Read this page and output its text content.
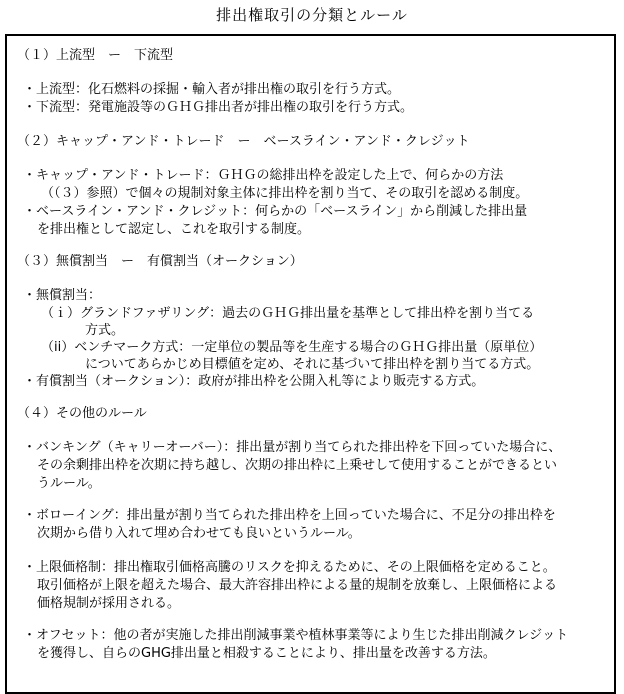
排出権取引の分類とルール
（１）上流型　ー　下流型
・上流型：化石燃料の採掘・輸入者が排出権の取引を行う方式。
・下流型：発電施設等のＧＨＧ排出者が排出権の取引を行う方式。
（２）キャップ・アンド・トレード　ー　ベースライン・アンド・クレジット
・キャップ・アンド・トレード：ＧＨＧの総排出枠を設定した上で、何らかの方法
（（３）参照）で個々の規制対象主体に排出枠を割り当て、その取引を認める制度。
・ベースライン・アンド・クレジット：何らかの「ベースライン」から削減した排出量
を排出権として認定し、これを取引する制度。
（３）無償割当　ー　有償割当（オークション）
・無償割当：
（ｉ）グランドファザリング：過去のＧＨＧ排出量を基準として排出枠を割り当てる
方式。
（ii）ベンチマーク方式：一定単位の製品等を生産する場合のＧＨＧ排出量（原単位）
についてあらかじめ目標値を定め、それに基づいて排出枠を割り当てる方式。
・有償割当（オークション）：政府が排出枠を公開入札等により販売する方式。
（４）その他のルール
・バンキング（キャリーオーバー）：排出量が割り当てられた排出枠を下回っていた場合に、
その余剰排出枠を次期に持ち越し、次期の排出枠に上乗せして使用することができるとい
うルール。
・ボローイング：排出量が割り当てられた排出枠を上回っていた場合に、不足分の排出枠を
次期から借り入れて埋め合わせても良いというルール。
・上限価格制：排出権取引価格高騰のリスクを抑えるために、その上限価格を定めること。
取引価格が上限を超えた場合、最大許容排出枠による量的規制を放棄し、上限価格による
価格規制が採用される。
・オフセット：他の者が実施した排出削減事業や植林事業等により生じた排出削減クレジット
を獲得し、自らのGHG排出量と相殺することにより、排出量を改善する方法。
